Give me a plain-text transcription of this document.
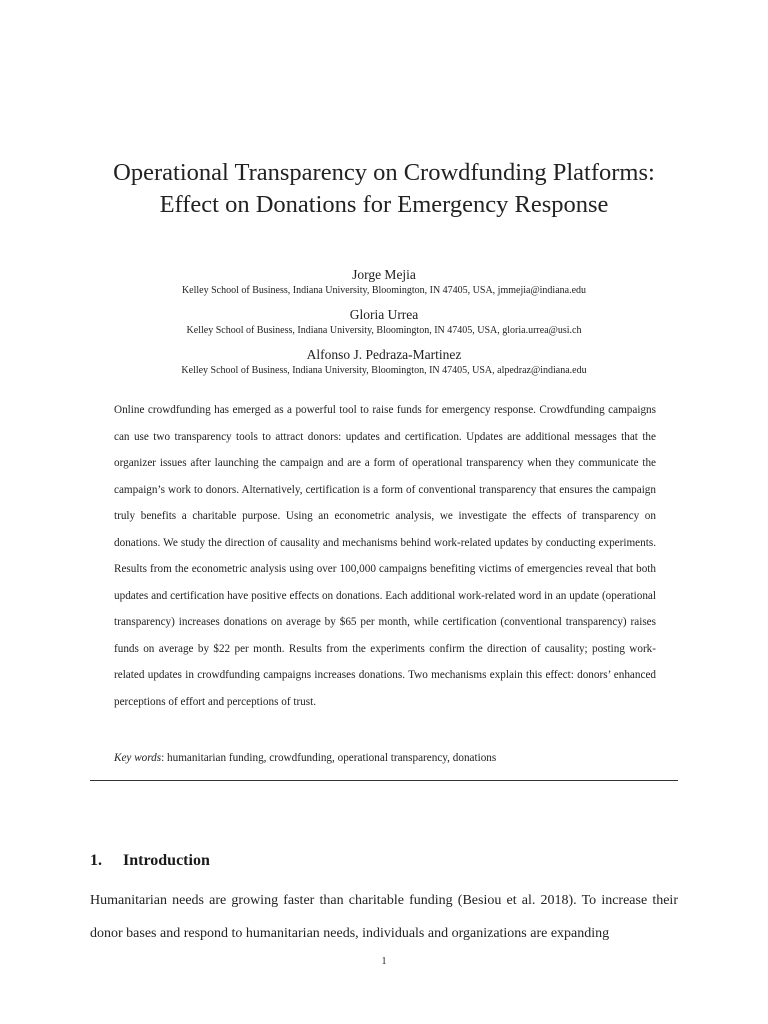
Operational Transparency on Crowdfunding Platforms: Effect on Donations for Emergency Response
Jorge Mejia
Kelley School of Business, Indiana University, Bloomington, IN 47405, USA, jmmejia@indiana.edu
Gloria Urrea
Kelley School of Business, Indiana University, Bloomington, IN 47405, USA, gloria.urrea@usi.ch
Alfonso J. Pedraza-Martinez
Kelley School of Business, Indiana University, Bloomington, IN 47405, USA, alpedraz@indiana.edu
Online crowdfunding has emerged as a powerful tool to raise funds for emergency response. Crowdfunding campaigns can use two transparency tools to attract donors: updates and certification. Updates are additional messages that the organizer issues after launching the campaign and are a form of operational transparency when they communicate the campaign’s work to donors. Alternatively, certification is a form of conventional transparency that ensures the campaign truly benefits a charitable purpose. Using an econometric analysis, we investigate the effects of transparency on donations. We study the direction of causality and mechanisms behind work-related updates by conducting experiments. Results from the econometric analysis using over 100,000 campaigns benefiting victims of emergencies reveal that both updates and certification have positive effects on donations. Each additional work-related word in an update (operational transparency) increases donations on average by $65 per month, while certification (conventional transparency) raises funds on average by $22 per month. Results from the experiments confirm the direction of causality; posting work-related updates in crowdfunding campaigns increases donations. Two mechanisms explain this effect: donors’ enhanced perceptions of effort and perceptions of trust.
Key words: humanitarian funding, crowdfunding, operational transparency, donations
1. Introduction
Humanitarian needs are growing faster than charitable funding (Besiou et al. 2018). To increase their donor bases and respond to humanitarian needs, individuals and organizations are expanding
1
